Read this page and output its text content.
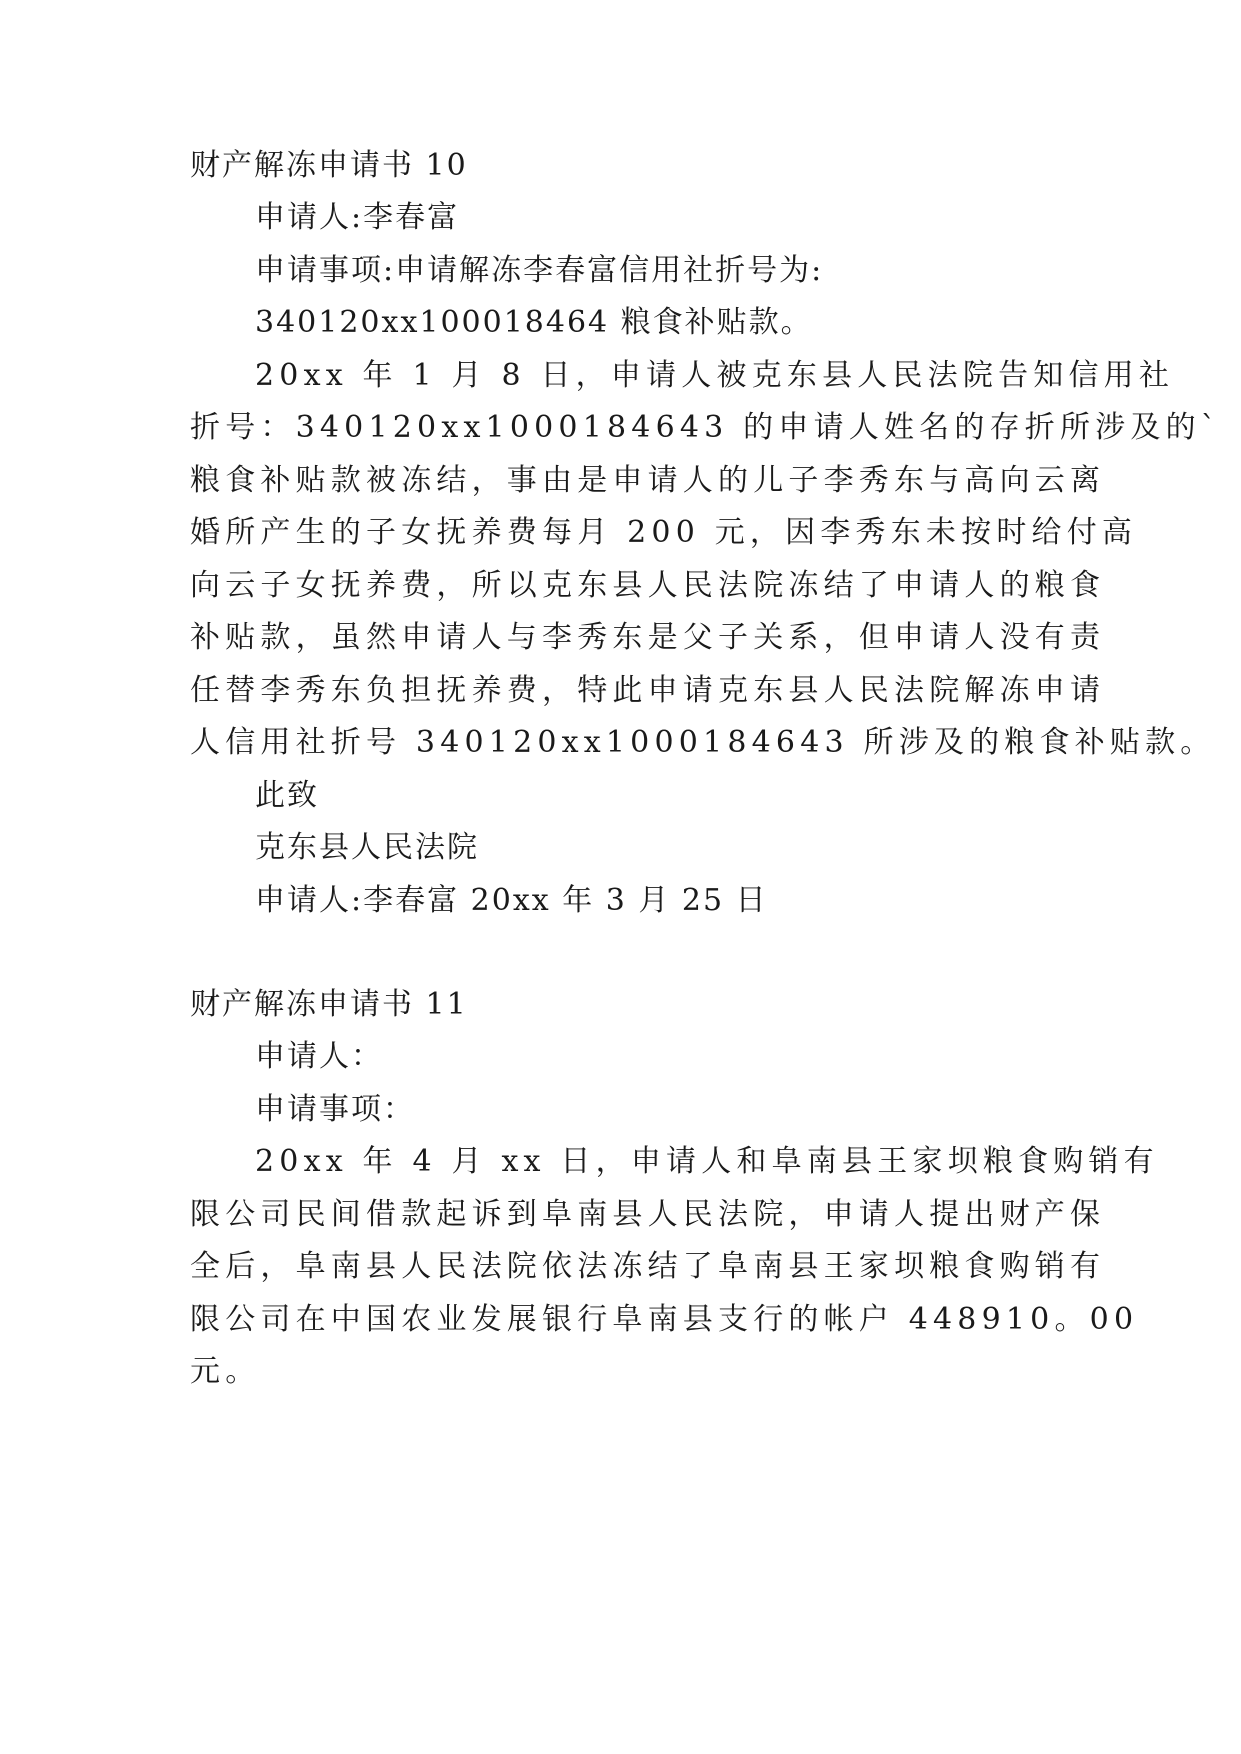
财产解冻申请书 10
申请人:李春富
申请事项:申请解冻李春富信用社折号为:
340120xx100018464 粮食补贴款。
20xx 年 1 月 8 日，申请人被克东县人民法院告知信用社
折号：340120xx1000184643 的申请人姓名的存折所涉及的`
粮食补贴款被冻结，事由是申请人的儿子李秀东与高向云离
婚所产生的子女抚养费每月 200 元，因李秀东未按时给付高
向云子女抚养费，所以克东县人民法院冻结了申请人的粮食
补贴款，虽然申请人与李秀东是父子关系，但申请人没有责
任替李秀东负担抚养费，特此申请克东县人民法院解冻申请
人信用社折号 340120xx1000184643 所涉及的粮食补贴款。
此致
克东县人民法院
申请人:李春富 20xx 年 3 月 25 日
财产解冻申请书 11
申请人：
申请事项：
20xx 年 4 月 xx 日，申请人和阜南县王家坝粮食购销有
限公司民间借款起诉到阜南县人民法院，申请人提出财产保
全后，阜南县人民法院依法冻结了阜南县王家坝粮食购销有
限公司在中国农业发展银行阜南县支行的帐户 448910。00
元。
